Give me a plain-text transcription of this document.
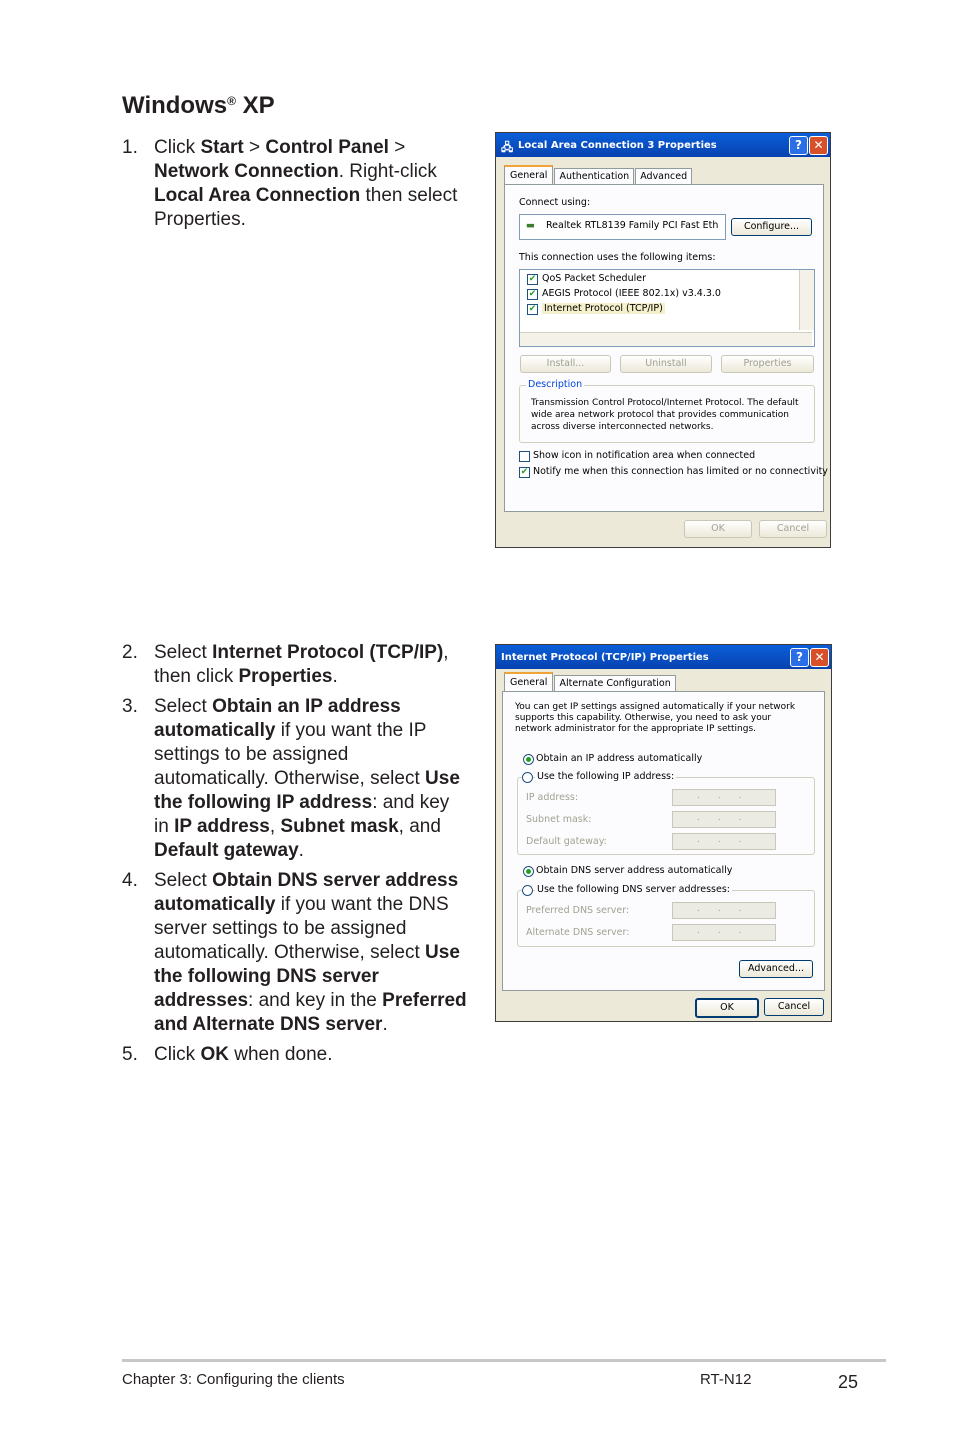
Windows® XP
1. Click Start > Control Panel > Network Connection. Right-click Local Area Connection then select Properties.
2. Select Internet Protocol (TCP/IP), then click Properties.
3. Select Obtain an IP address automatically if you want the IP settings to be assigned automatically. Otherwise, select Use the following IP address: and key in IP address, Subnet mask, and Default gateway.
4. Select Obtain DNS server address automatically if you want the DNS server settings to be assigned automatically. Otherwise, select Use the following DNS server addresses: and key in the Preferred and Alternate DNS server.
5. Click OK when done.
🖧 Local Area Connection 3 Properties	? ✕
General	Authentication	Advanced
Connect using:
▬ Realtek RTL8139 Family PCI Fast Eth	Configure...
This connection uses the following items:
✔ QoS Packet Scheduler
✔ AEGIS Protocol (IEEE 802.1x) v3.4.3.0
✔ Internet Protocol (TCP/IP)
Install...	Uninstall	Properties
Description
Transmission Control Protocol/Internet Protocol. The default wide area network protocol that provides communication across diverse interconnected networks.
Show icon in notification area when connected
✔ Notify me when this connection has limited or no connectivity
OK	Cancel
Internet Protocol (TCP/IP) Properties	? ✕
General	Alternate Configuration
You can get IP settings assigned automatically if your network supports this capability. Otherwise, you need to ask your network administrator for the appropriate IP settings.
Obtain an IP address automatically
Use the following IP address:
IP address:	...
Subnet mask:	...
Default gateway:	...
Obtain DNS server address automatically
Use the following DNS server addresses:
Preferred DNS server:	...
Alternate DNS server:	...
Advanced...
OK	Cancel
Chapter 3: Configuring the clients	RT-N12	25
